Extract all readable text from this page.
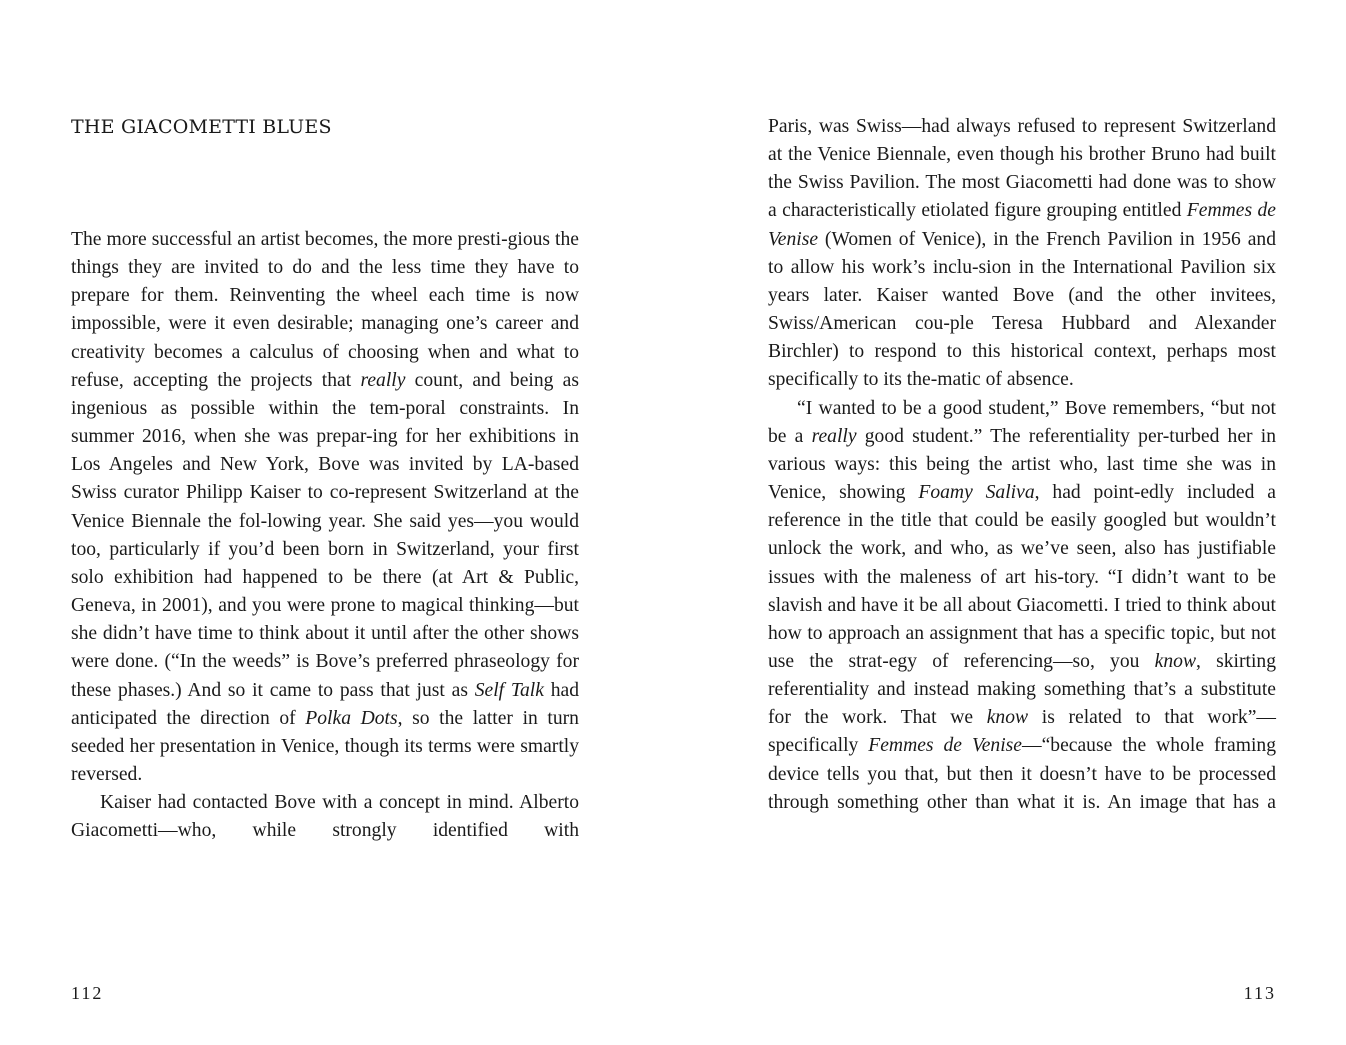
THE GIACOMETTI BLUES

The more successful an artist becomes, the more presti-gious the things they are invited to do and the less time they have to prepare for them. Reinventing the wheel each time is now impossible, were it even desirable; managing one’s career and creativity becomes a calculus of choosing when and what to refuse, accepting the projects that really count, and being as ingenious as possible within the tem-poral constraints. In summer 2016, when she was prepar-ing for her exhibitions in Los Angeles and New York, Bove was invited by LA-based Swiss curator Philipp Kaiser to co-represent Switzerland at the Venice Biennale the fol-lowing year. She said yes—you would too, particularly if you’d been born in Switzerland, your first solo exhibition had happened to be there (at Art & Public, Geneva, in 2001), and you were prone to magical thinking—but she didn’t have time to think about it until after the other shows were done. (“In the weeds” is Bove’s preferred phraseology for these phases.) And so it came to pass that just as Self Talk had anticipated the direction of Polka Dots, so the latter in turn seeded her presentation in Venice, though its terms were smartly reversed.

Kaiser had contacted Bove with a concept in mind. Alberto Giacometti—who, while strongly identified with

112

Paris, was Swiss—had always refused to represent Switzerland at the Venice Biennale, even though his brother Bruno had built the Swiss Pavilion. The most Giacometti had done was to show a characteristically etiolated figure grouping entitled Femmes de Venise (Women of Venice), in the French Pavilion in 1956 and to allow his work’s inclu-sion in the International Pavilion six years later. Kaiser wanted Bove (and the other invitees, Swiss/American cou-ple Teresa Hubbard and Alexander Birchler) to respond to this historical context, perhaps most specifically to its the-matic of absence.

“I wanted to be a good student,” Bove remembers, “but not be a really good student.” The referentiality per-turbed her in various ways: this being the artist who, last time she was in Venice, showing Foamy Saliva, had point-edly included a reference in the title that could be easily googled but wouldn’t unlock the work, and who, as we’ve seen, also has justifiable issues with the maleness of art his-tory. “I didn’t want to be slavish and have it be all about Giacometti. I tried to think about how to approach an assignment that has a specific topic, but not use the strat-egy of referencing—so, you know, skirting referentiality and instead making something that’s a substitute for the work. That we know is related to that work”—specifically Femmes de Venise—“because the whole framing device tells you that, but then it doesn’t have to be processed through something other than what it is. An image that has a

113
